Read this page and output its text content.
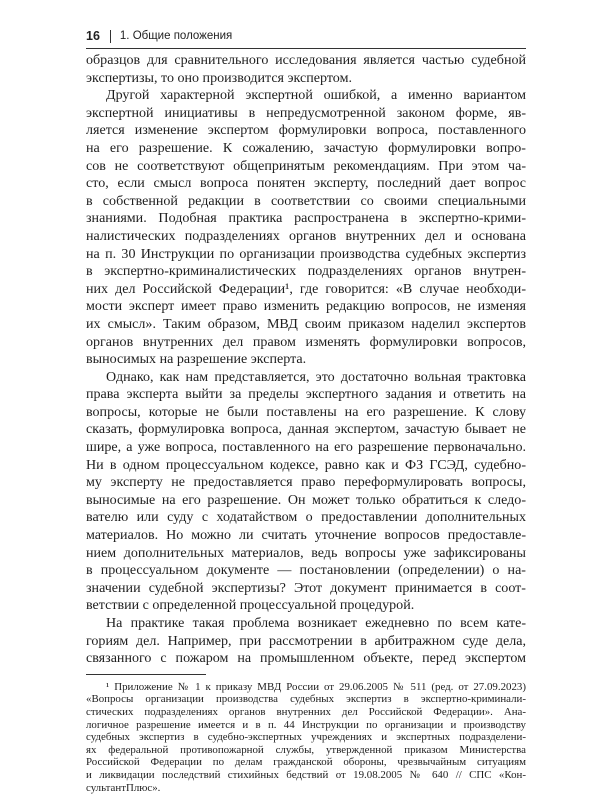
16 1. Общие положения
образцов для сравнительного исследования является частью судебной
экспертизы, то оно производится экспертом.
Другой характерной экспертной ошибкой, а именно вариантом
экспертной инициативы в непредусмотренной законом форме, яв-
ляется изменение экспертом формулировки вопроса, поставленного
на его разрешение. К сожалению, зачастую формулировки вопро-
сов не соответствуют общепринятым рекомендациям. При этом ча-
сто, если смысл вопроса понятен эксперту, последний дает вопрос
в собственной редакции в соответствии со своими специальными
знаниями. Подобная практика распространена в экспертно-крими-
налистических подразделениях органов внутренних дел и основана
на п. 30 Инструкции по организации производства судебных экспертиз
в экспертно-криминалистических подразделениях органов внутрен-
них дел Российской Федерации¹, где говорится: «В случае необходи-
мости эксперт имеет право изменить редакцию вопросов, не изменяя
их смысл». Таким образом, МВД своим приказом наделил экспертов
органов внутренних дел правом изменять формулировки вопросов,
выносимых на разрешение эксперта.
Однако, как нам представляется, это достаточно вольная трактовка
права эксперта выйти за пределы экспертного задания и ответить на
вопросы, которые не были поставлены на его разрешение. К слову
сказать, формулировка вопроса, данная экспертом, зачастую бывает не
шире, а уже вопроса, поставленного на его разрешение первоначально.
Ни в одном процессуальном кодексе, равно как и ФЗ ГСЭД, судебно-
му эксперту не предоставляется право переформулировать вопросы,
выносимые на его разрешение. Он может только обратиться к следо-
вателю или суду с ходатайством о предоставлении дополнительных
материалов. Но можно ли считать уточнение вопросов предоставле-
нием дополнительных материалов, ведь вопросы уже зафиксированы
в процессуальном документе — постановлении (определении) о на-
значении судебной экспертизы? Этот документ принимается в соот-
ветствии с определенной процессуальной процедурой.
На практике такая проблема возникает ежедневно по всем кате-
гориям дел. Например, при рассмотрении в арбитражном суде дела,
связанного с пожаром на промышленном объекте, перед экспертом
¹ Приложение № 1 к приказу МВД России от 29.06.2005 № 511 (ред. от 27.09.2023)
«Вопросы организации производства судебных экспертиз в экспертно-криминали-
стических подразделениях органов внутренних дел Российской Федерации». Ана-
логичное разрешение имеется и в п. 44 Инструкции по организации и производству
судебных экспертиз в судебно-экспертных учреждениях и экспертных подразделени-
ях федеральной противопожарной службы, утвержденной приказом Министерства
Российской Федерации по делам гражданской обороны, чрезвычайным ситуациям
и ликвидации последствий стихийных бедствий от 19.08.2005 № 640 // СПС «Кон-
сультантПлюс».
